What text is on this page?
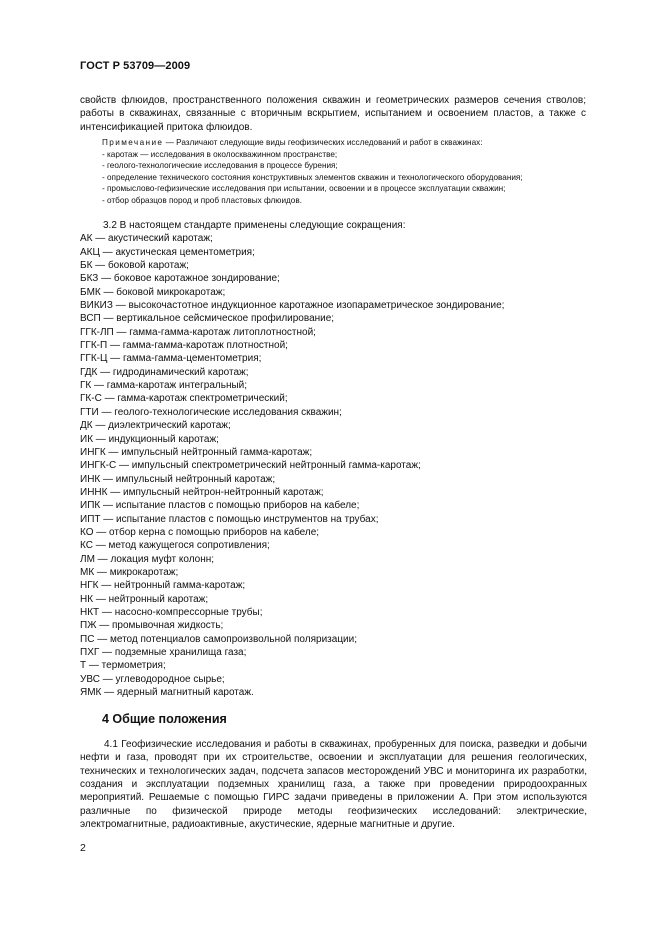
ГОСТ Р 53709—2009
свойств флюидов, пространственного положения скважин и геометрических размеров сечения стволов; работы в скважинах, связанные с вторичным вскрытием, испытанием и освоением пластов, а также с интенсификацией притока флюидов.
Примечание — Различают следующие виды геофизических исследований и работ в скважинах:
- каротаж — исследования в околоскважинном пространстве;
- геолого-технологические исследования в процессе бурения;
- определение технического состояния конструктивных элементов скважин и технологического оборудования;
- промыслово-гефизические исследования при испытании, освоении и в процессе эксплуатации скважин;
- отбор образцов пород и проб пластовых флюидов.
3.2 В настоящем стандарте применены следующие сокращения:
АК — акустический каротаж;
АКЦ — акустическая цементометрия;
БК — боковой каротаж;
БКЗ — боковое каротажное зондирование;
БМК — боковой микрокаротаж;
ВИКИЗ — высокочастотное индукционное каротажное изопараметрическое зондирование;
ВСП — вертикальное сейсмическое профилирование;
ГГК-ЛП — гамма-гамма-каротаж литоплотностной;
ГГК-П — гамма-гамма-каротаж плотностной;
ГГК-Ц — гамма-гамма-цементометрия;
ГДК — гидродинамический каротаж;
ГК — гамма-каротаж интегральный;
ГК-С — гамма-каротаж спектрометрический;
ГТИ — геолого-технологические исследования скважин;
ДК — диэлектрический каротаж;
ИК — индукционный каротаж;
ИНГК — импульсный нейтронный гамма-каротаж;
ИНГК-С — импульсный спектрометрический нейтронный гамма-каротаж;
ИНК — импульсный нейтронный каротаж;
ИННК — импульсный нейтрон-нейтронный каротаж;
ИПК — испытание пластов с помощью приборов на кабеле;
ИПТ — испытание пластов с помощью инструментов на трубах;
КО — отбор керна с помощью приборов на кабеле;
КС — метод кажущегося сопротивления;
ЛМ — локация муфт колонн;
МК — микрокаротаж;
НГК — нейтронный гамма-каротаж;
НК — нейтронный каротаж;
НКТ — насосно-компрессорные трубы;
ПЖ — промывочная жидкость;
ПС — метод потенциалов самопроизвольной поляризации;
ПХГ — подземные хранилища газа;
Т — термометрия;
УВС — углеводородное сырье;
ЯМК — ядерный магнитный каротаж.
4 Общие положения
4.1 Геофизические исследования и работы в скважинах, пробуренных для поиска, разведки и добычи нефти и газа, проводят при их строительстве, освоении и эксплуатации для решения геологических, технических и технологических задач, подсчета запасов месторождений УВС и мониторинга их разработки, создания и эксплуатации подземных хранилищ газа, а также при проведении природоохранных мероприятий. Решаемые с помощью ГИРС задачи приведены в приложении А. При этом используются различные по физической природе методы геофизических исследований: электрические, электромагнитные, радиоактивные, акустические, ядерные магнитные и другие.
2
